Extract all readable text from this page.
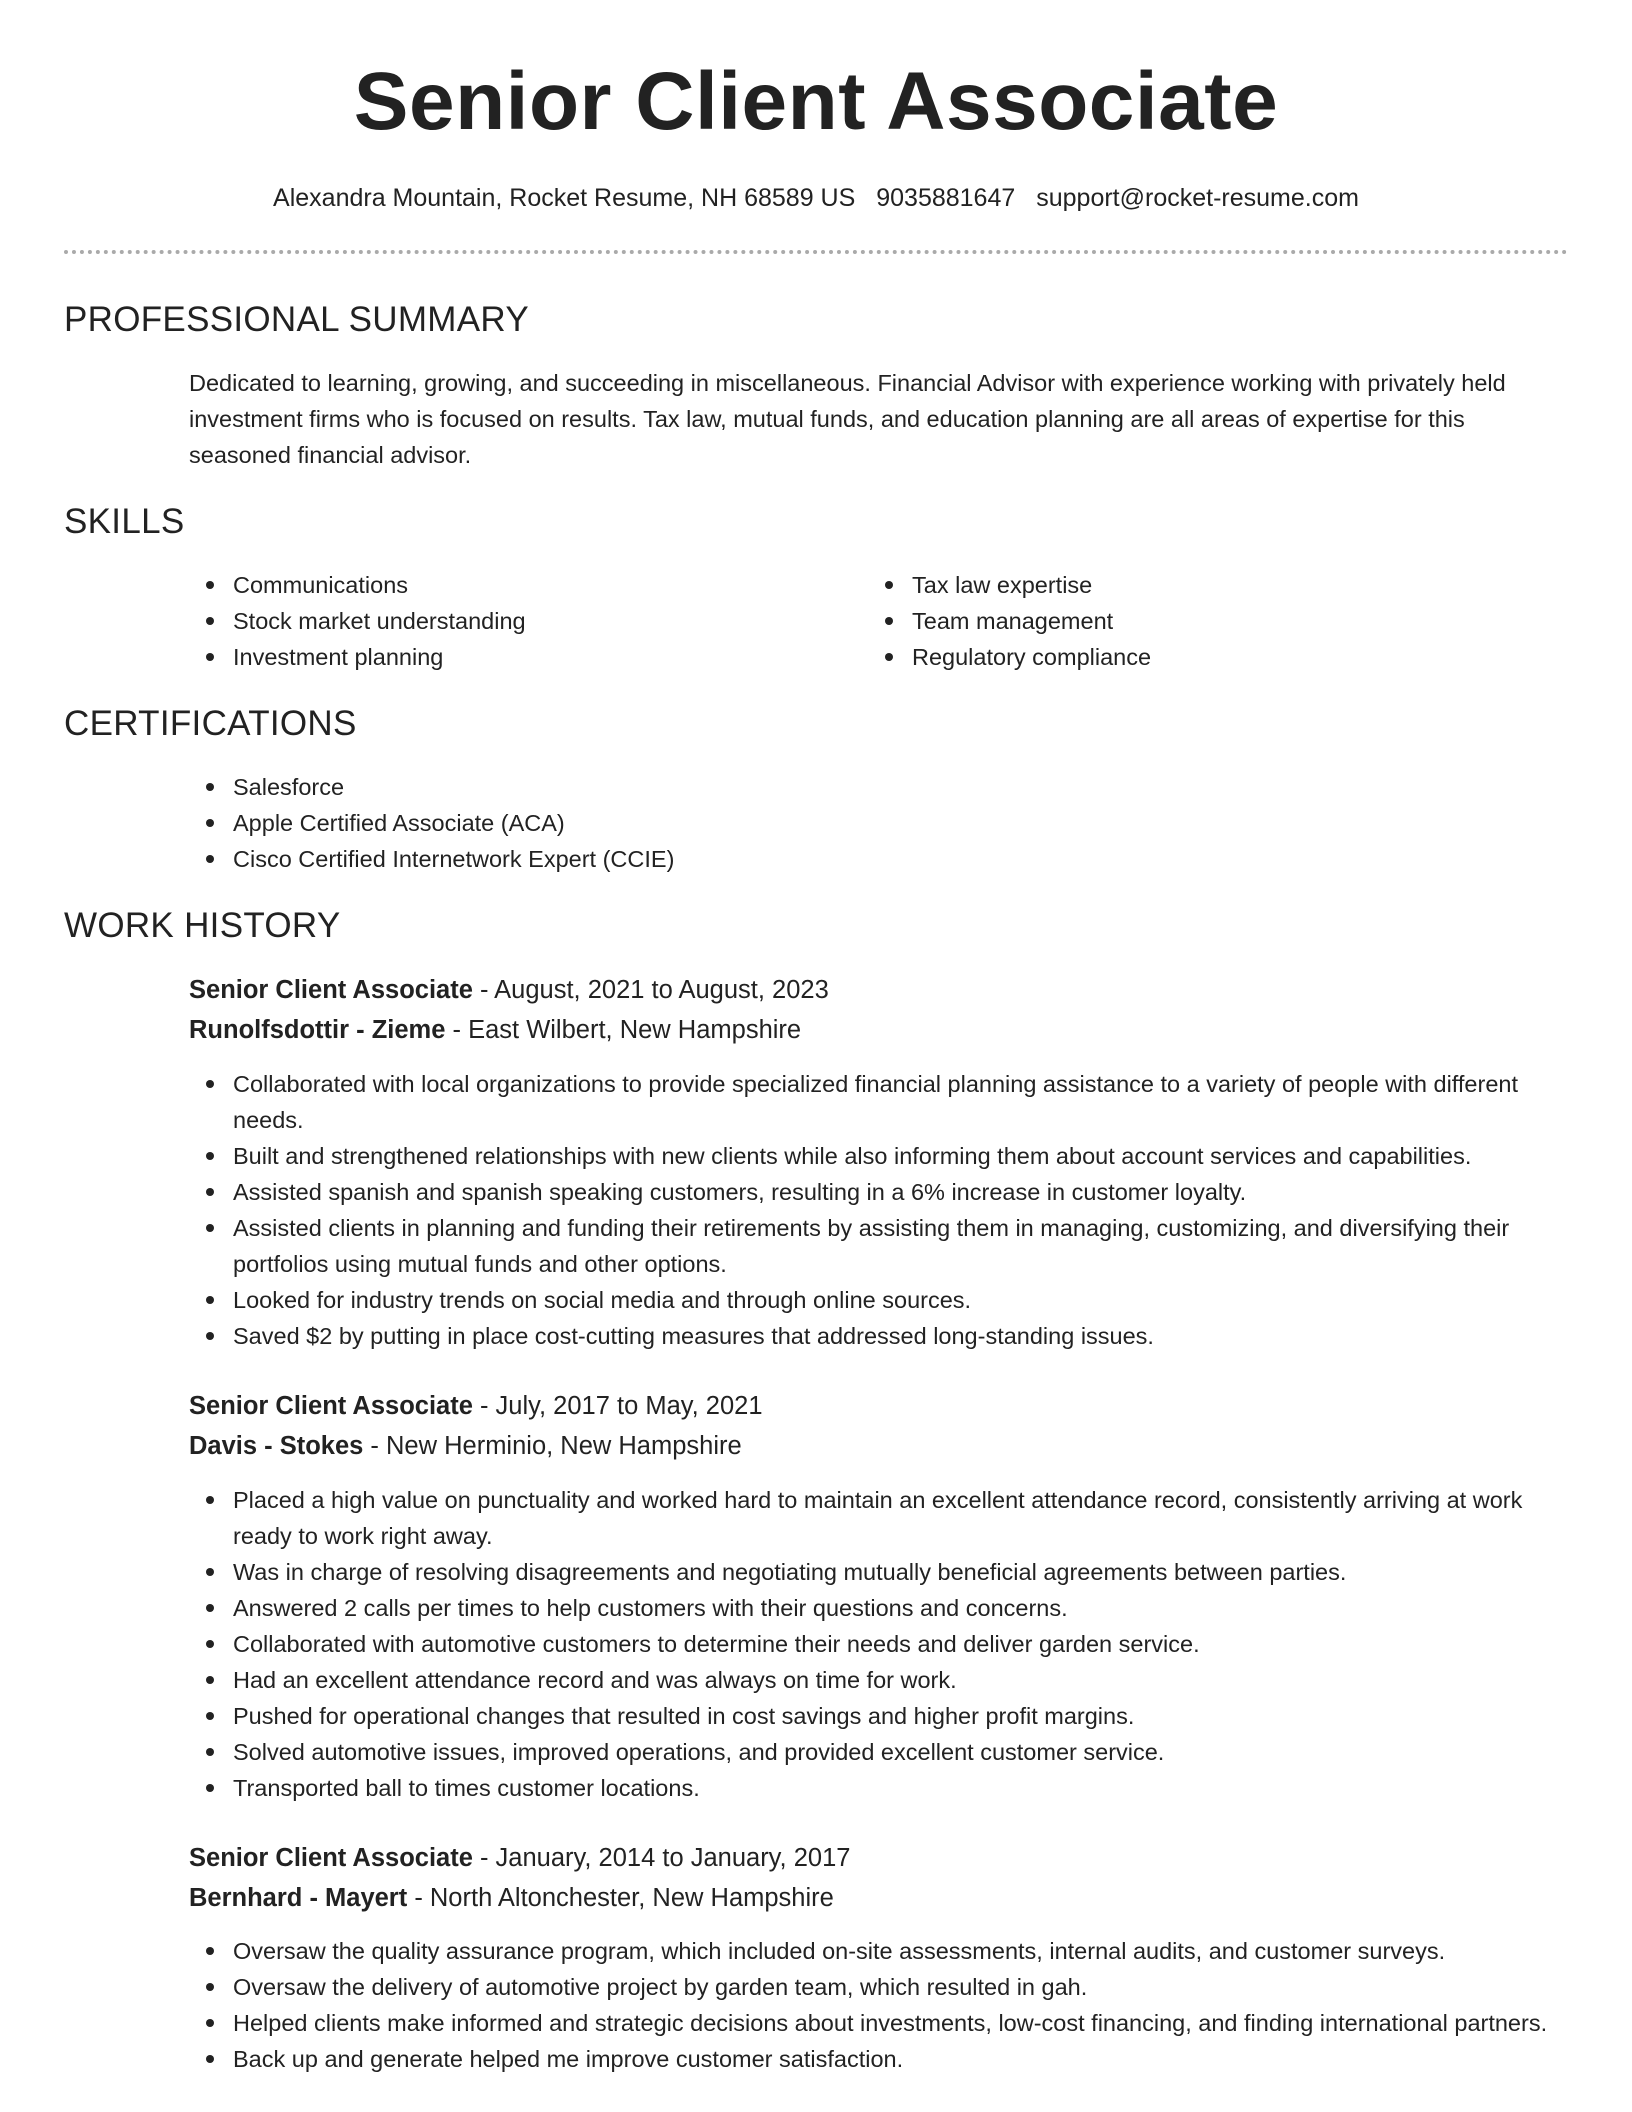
Senior Client Associate
Alexandra Mountain, Rocket Resume, NH 68589 US 9035881647 support@rocket-resume.com
PROFESSIONAL SUMMARY

Dedicated to learning, growing, and succeeding in miscellaneous. Financial Advisor with experience working with privately held investment firms who is focused on results. Tax law, mutual funds, and education planning are all areas of expertise for this seasoned financial advisor.

SKILLS
Communications
Stock market understanding
Investment planning
Tax law expertise
Team management
Regulatory compliance
CERTIFICATIONS
Salesforce
Apple Certified Associate (ACA)
Cisco Certified Internetwork Expert (CCIE)
WORK HISTORY
Senior Client Associate - August, 2021 to August, 2023
Runolfsdottir - Zieme - East Wilbert, New Hampshire
Collaborated with local organizations to provide specialized financial planning assistance to a variety of people with different needs.
Built and strengthened relationships with new clients while also informing them about account services and capabilities.
Assisted spanish and spanish speaking customers, resulting in a 6% increase in customer loyalty.
Assisted clients in planning and funding their retirements by assisting them in managing, customizing, and diversifying their portfolios using mutual funds and other options.
Looked for industry trends on social media and through online sources.
Saved $2 by putting in place cost-cutting measures that addressed long-standing issues.
Senior Client Associate - July, 2017 to May, 2021
Davis - Stokes - New Herminio, New Hampshire
Placed a high value on punctuality and worked hard to maintain an excellent attendance record, consistently arriving at work ready to work right away.
Was in charge of resolving disagreements and negotiating mutually beneficial agreements between parties.
Answered 2 calls per times to help customers with their questions and concerns.
Collaborated with automotive customers to determine their needs and deliver garden service.
Had an excellent attendance record and was always on time for work.
Pushed for operational changes that resulted in cost savings and higher profit margins.
Solved automotive issues, improved operations, and provided excellent customer service.
Transported ball to times customer locations.
Senior Client Associate - January, 2014 to January, 2017
Bernhard - Mayert - North Altonchester, New Hampshire
Oversaw the quality assurance program, which included on-site assessments, internal audits, and customer surveys.
Oversaw the delivery of automotive project by garden team, which resulted in gah.
Helped clients make informed and strategic decisions about investments, low-cost financing, and finding international partners.
Back up and generate helped me improve customer satisfaction.
